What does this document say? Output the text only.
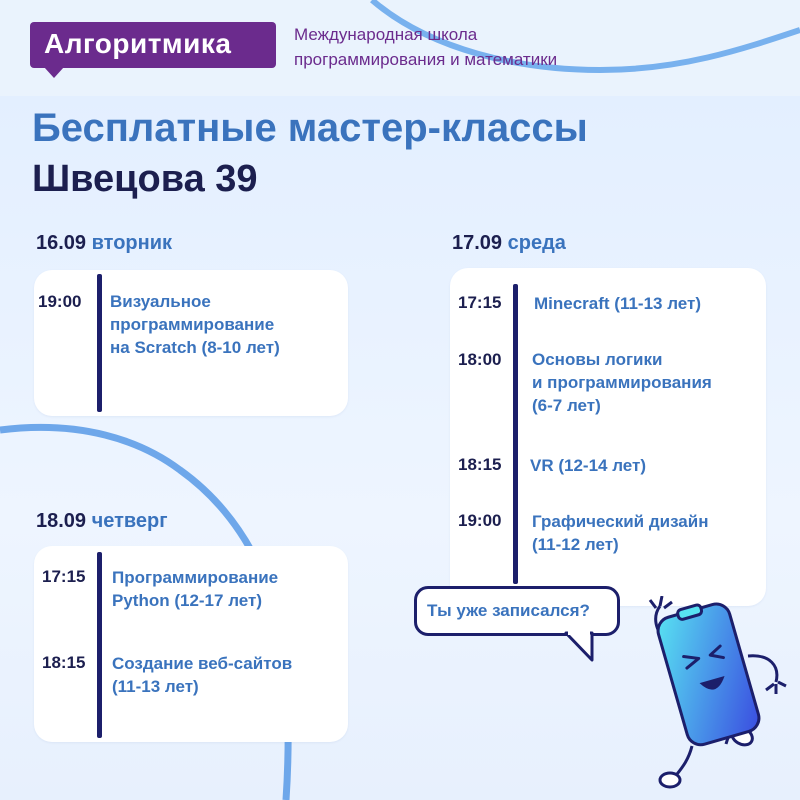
Алгоритмика	Международная школа
программирования и математики
Бесплатные мастер-классы
Швецова 39
16.09 вторник
19:00 Визуальное
программирование
на Scratch (8-10 лет)
17.09 среда
17:15 Minecraft (11-13 лет)
18:00 Основы логики
и программирования
(6-7 лет)
18:15 VR (12-14 лет)
19:00 Графический дизайн
(11-12 лет)
18.09 четверг
17:15 Программирование
Python (12-17 лет)
18:15 Создание веб-сайтов
(11-13 лет)
Ты уже записался?
